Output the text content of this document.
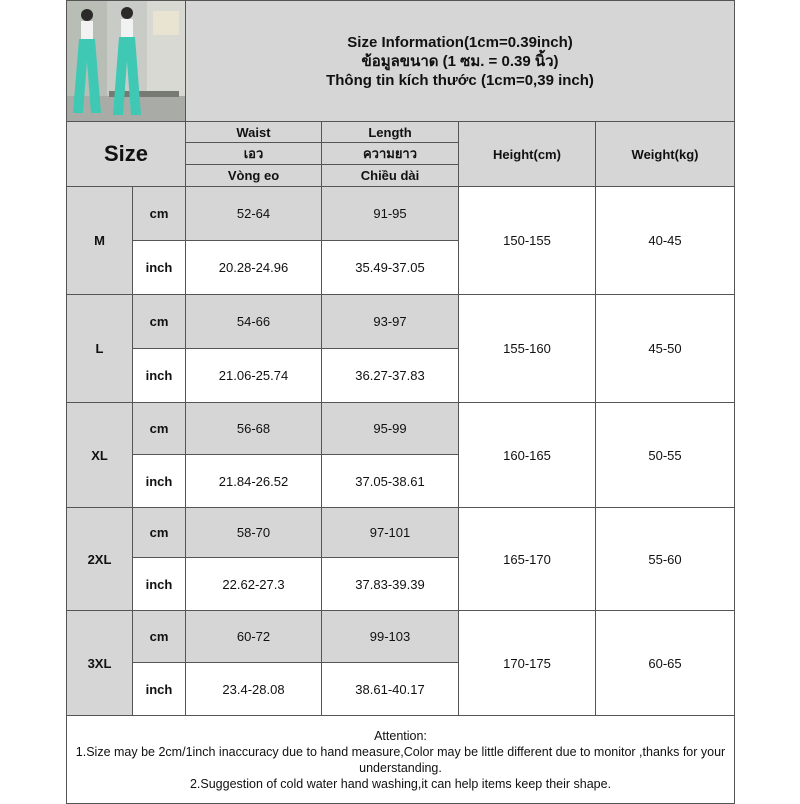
Size Information(1cm=0.39inch)
ข้อมูลขนาด (1 ซม. = 0.39 นิ้ว)
Thông tin kích thước (1cm=0,39 inch)			

Size		Waist	Length	Height(cm)	Weight(kg)
		เอว	ความยาว		
		Vòng eo	Chiều dài		
M	cm	52-64	91-95	150-155	40-45
	inch	20.28-24.96	35.49-37.05		
L	cm	54-66	93-97	155-160	45-50
	inch	21.06-25.74	36.27-37.83		
XL	cm	56-68	95-99	160-165	50-55
	inch	21.84-26.52	37.05-38.61		
2XL	cm	58-70	97-101	165-170	55-60
	inch	22.62-27.3	37.83-39.39		
3XL	cm	60-72	99-103	170-175	60-65
	inch	23.4-28.08	38.61-40.17		

Attention:
1.Size may be 2cm/1inch inaccuracy due to hand measure,Color may be little different due to monitor ,thanks for your understanding.
2.Suggestion of cold water hand washing,it can help items keep their shape.					
